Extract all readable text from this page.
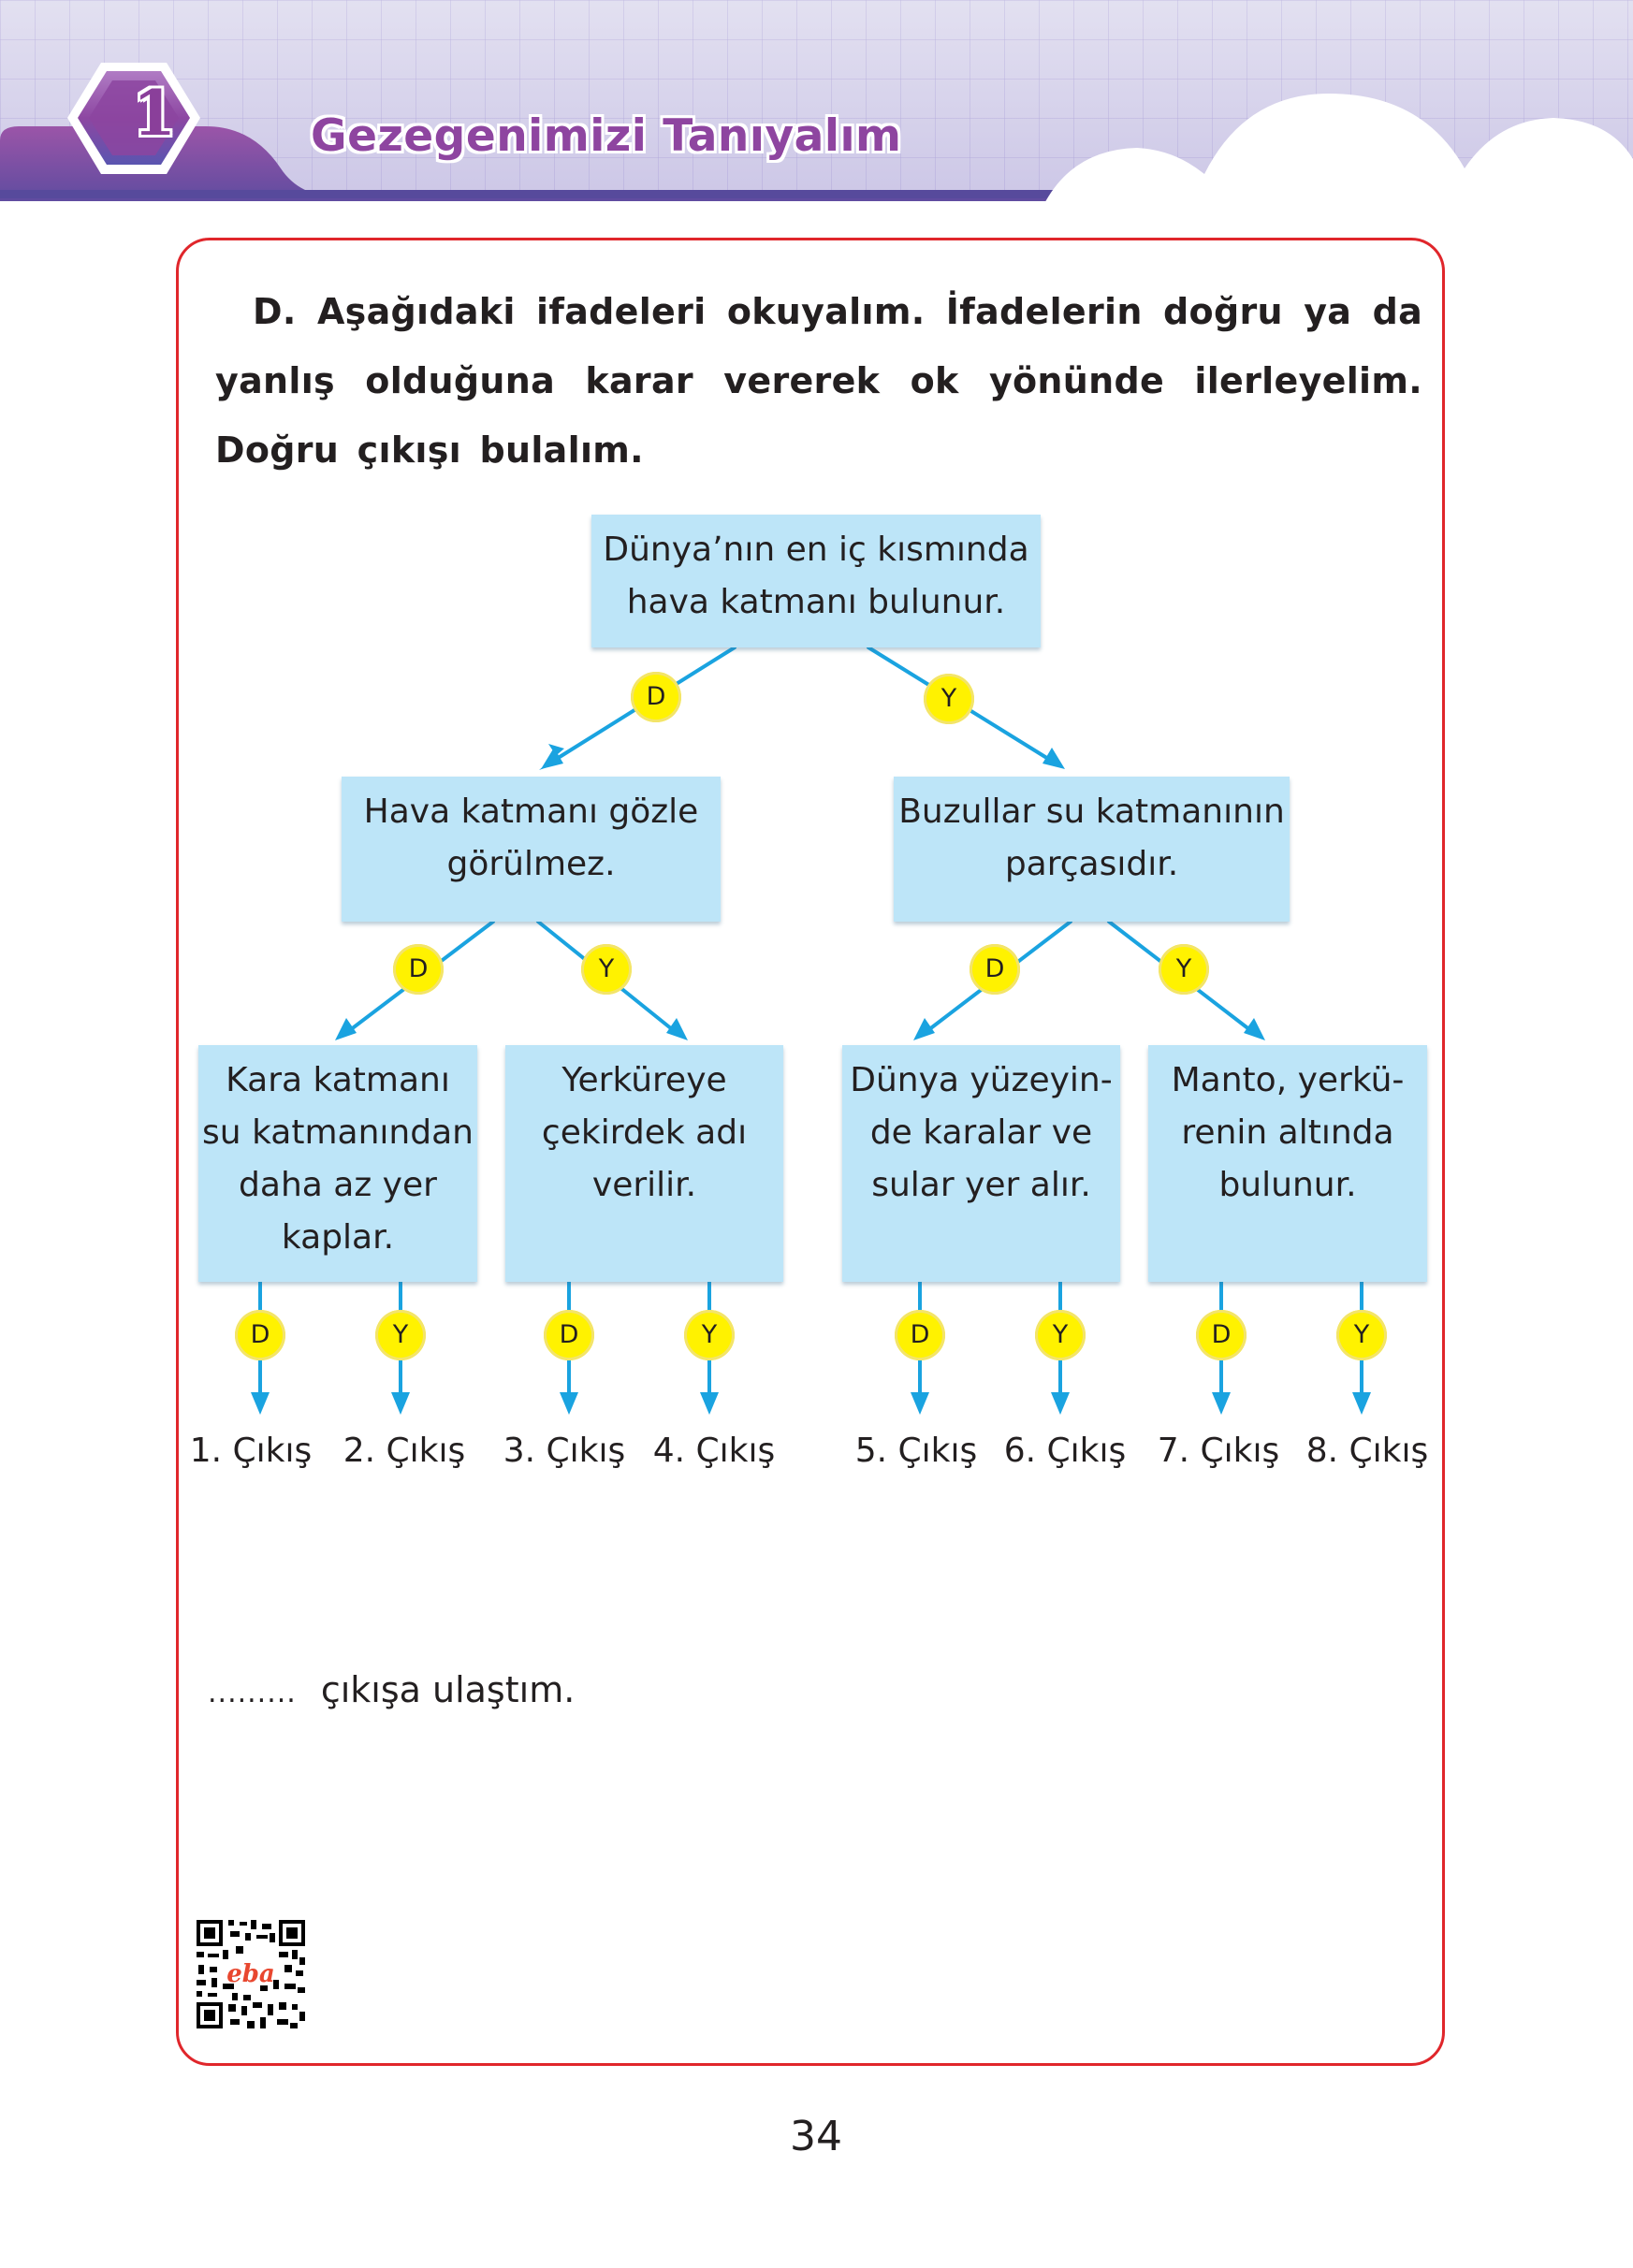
1	Gezegenimizi Tanıyalım
D. Aşağıdaki ifadeleri okuyalım. İfadelerin doğru ya da yanlış olduğuna karar vererek ok yönünde ilerleyelim. Doğru çıkışı bulalım.
Dünya’nın en iç kısmında
hava katmanı bulunur.
Hava katmanı gözle
görülmez.
Buzullar su katmanının
parçasıdır.
Kara katmanı
su katmanından
daha az yer
kaplar.
Yerküreye
çekirdek adı
verilir.
Dünya yüzeyin-
de karalar ve
sular yer alır.
Manto, yerkü-
renin altında
bulunur.
D	Y
D	Y	D	Y
D	Y	D	Y	D	Y	D	Y
1. Çıkış 2. Çıkış 3. Çıkış 4. Çıkış 5. Çıkış 6. Çıkış 7. Çıkış 8. Çıkış
......... çıkışa ulaştım.
eba
34
